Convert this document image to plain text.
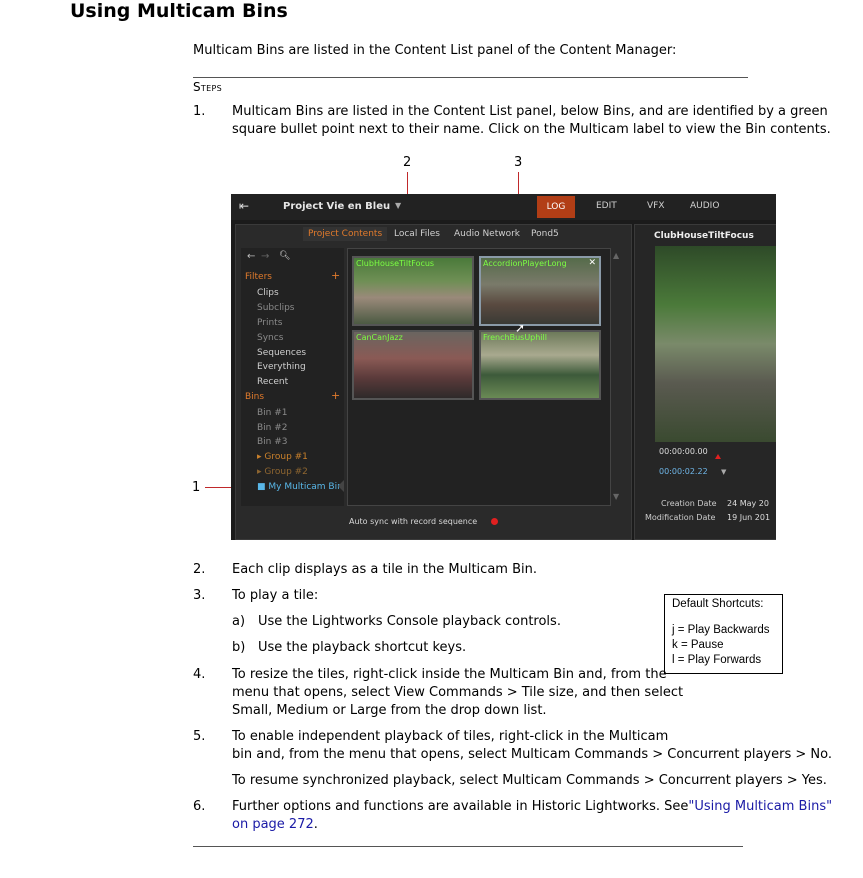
Using Multicam Bins
Multicam Bins are listed in the Content List panel of the Content Manager:
Steps
1. Multicam Bins are listed in the Content List panel, below Bins, and are identified by a green
square bullet point next to their name. Click on the Multicam label to view the Bin contents.
2	3
1
⇤	Project Vie en Bleu ▼	LOG	EDIT	VFX	AUDIO
Project Contents	Local Files Audio Network Pond5
← → 🔍︎
Filters	+
Clips
Subclips
Prints
Syncs
Sequences
Everything
Recent
Bins	+
Bin #1
Bin #2
Bin #3
▸ Group #1
▸ Group #2
■ My Multicam Bin
ClubHouseTiltFocus	AccordionPlayerLong ✕
CanCanJazz	FrenchBusUphill
➚
▲
▼
Auto sync with record sequence
ClubHouseTiltFocus
00:00:00.00
00:00:02.22 ▼
Creation Date 24 May 20
Modification Date 19 Jun 201
2. Each clip displays as a tile in the Multicam Bin.
3. To play a tile:
a) Use the Lightworks Console playback controls.
b) Use the playback shortcut keys.
Default Shortcuts:
j = Play Backwards
k = Pause
l = Play Forwards
4. To resize the tiles, right-click inside the Multicam Bin and, from the
menu that opens, select View Commands > Tile size, and then select
Small, Medium or Large from the drop down list.
5. To enable independent playback of tiles, right-click in the Multicam
bin and, from the menu that opens, select Multicam Commands > Concurrent players > No.
To resume synchronized playback, select Multicam Commands > Concurrent players > Yes.
6. Further options and functions are available in Historic Lightworks. See"Using Multicam Bins"
on page 272.
